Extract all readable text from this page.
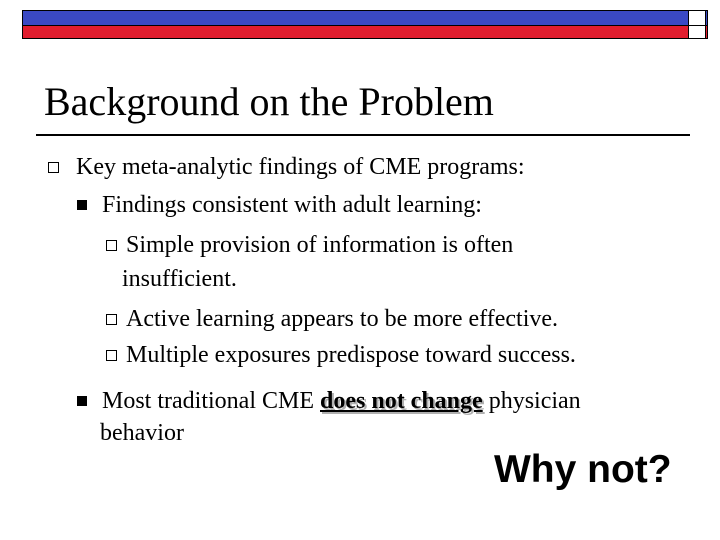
Background on the Problem
Key meta-analytic findings of CME programs:
Findings consistent with adult learning:
Simple provision of information is often
insufficient.
Active learning appears to be more effective.
Multiple exposures predispose toward success.
Most traditional CME does not change physician
behavior
Why not?
